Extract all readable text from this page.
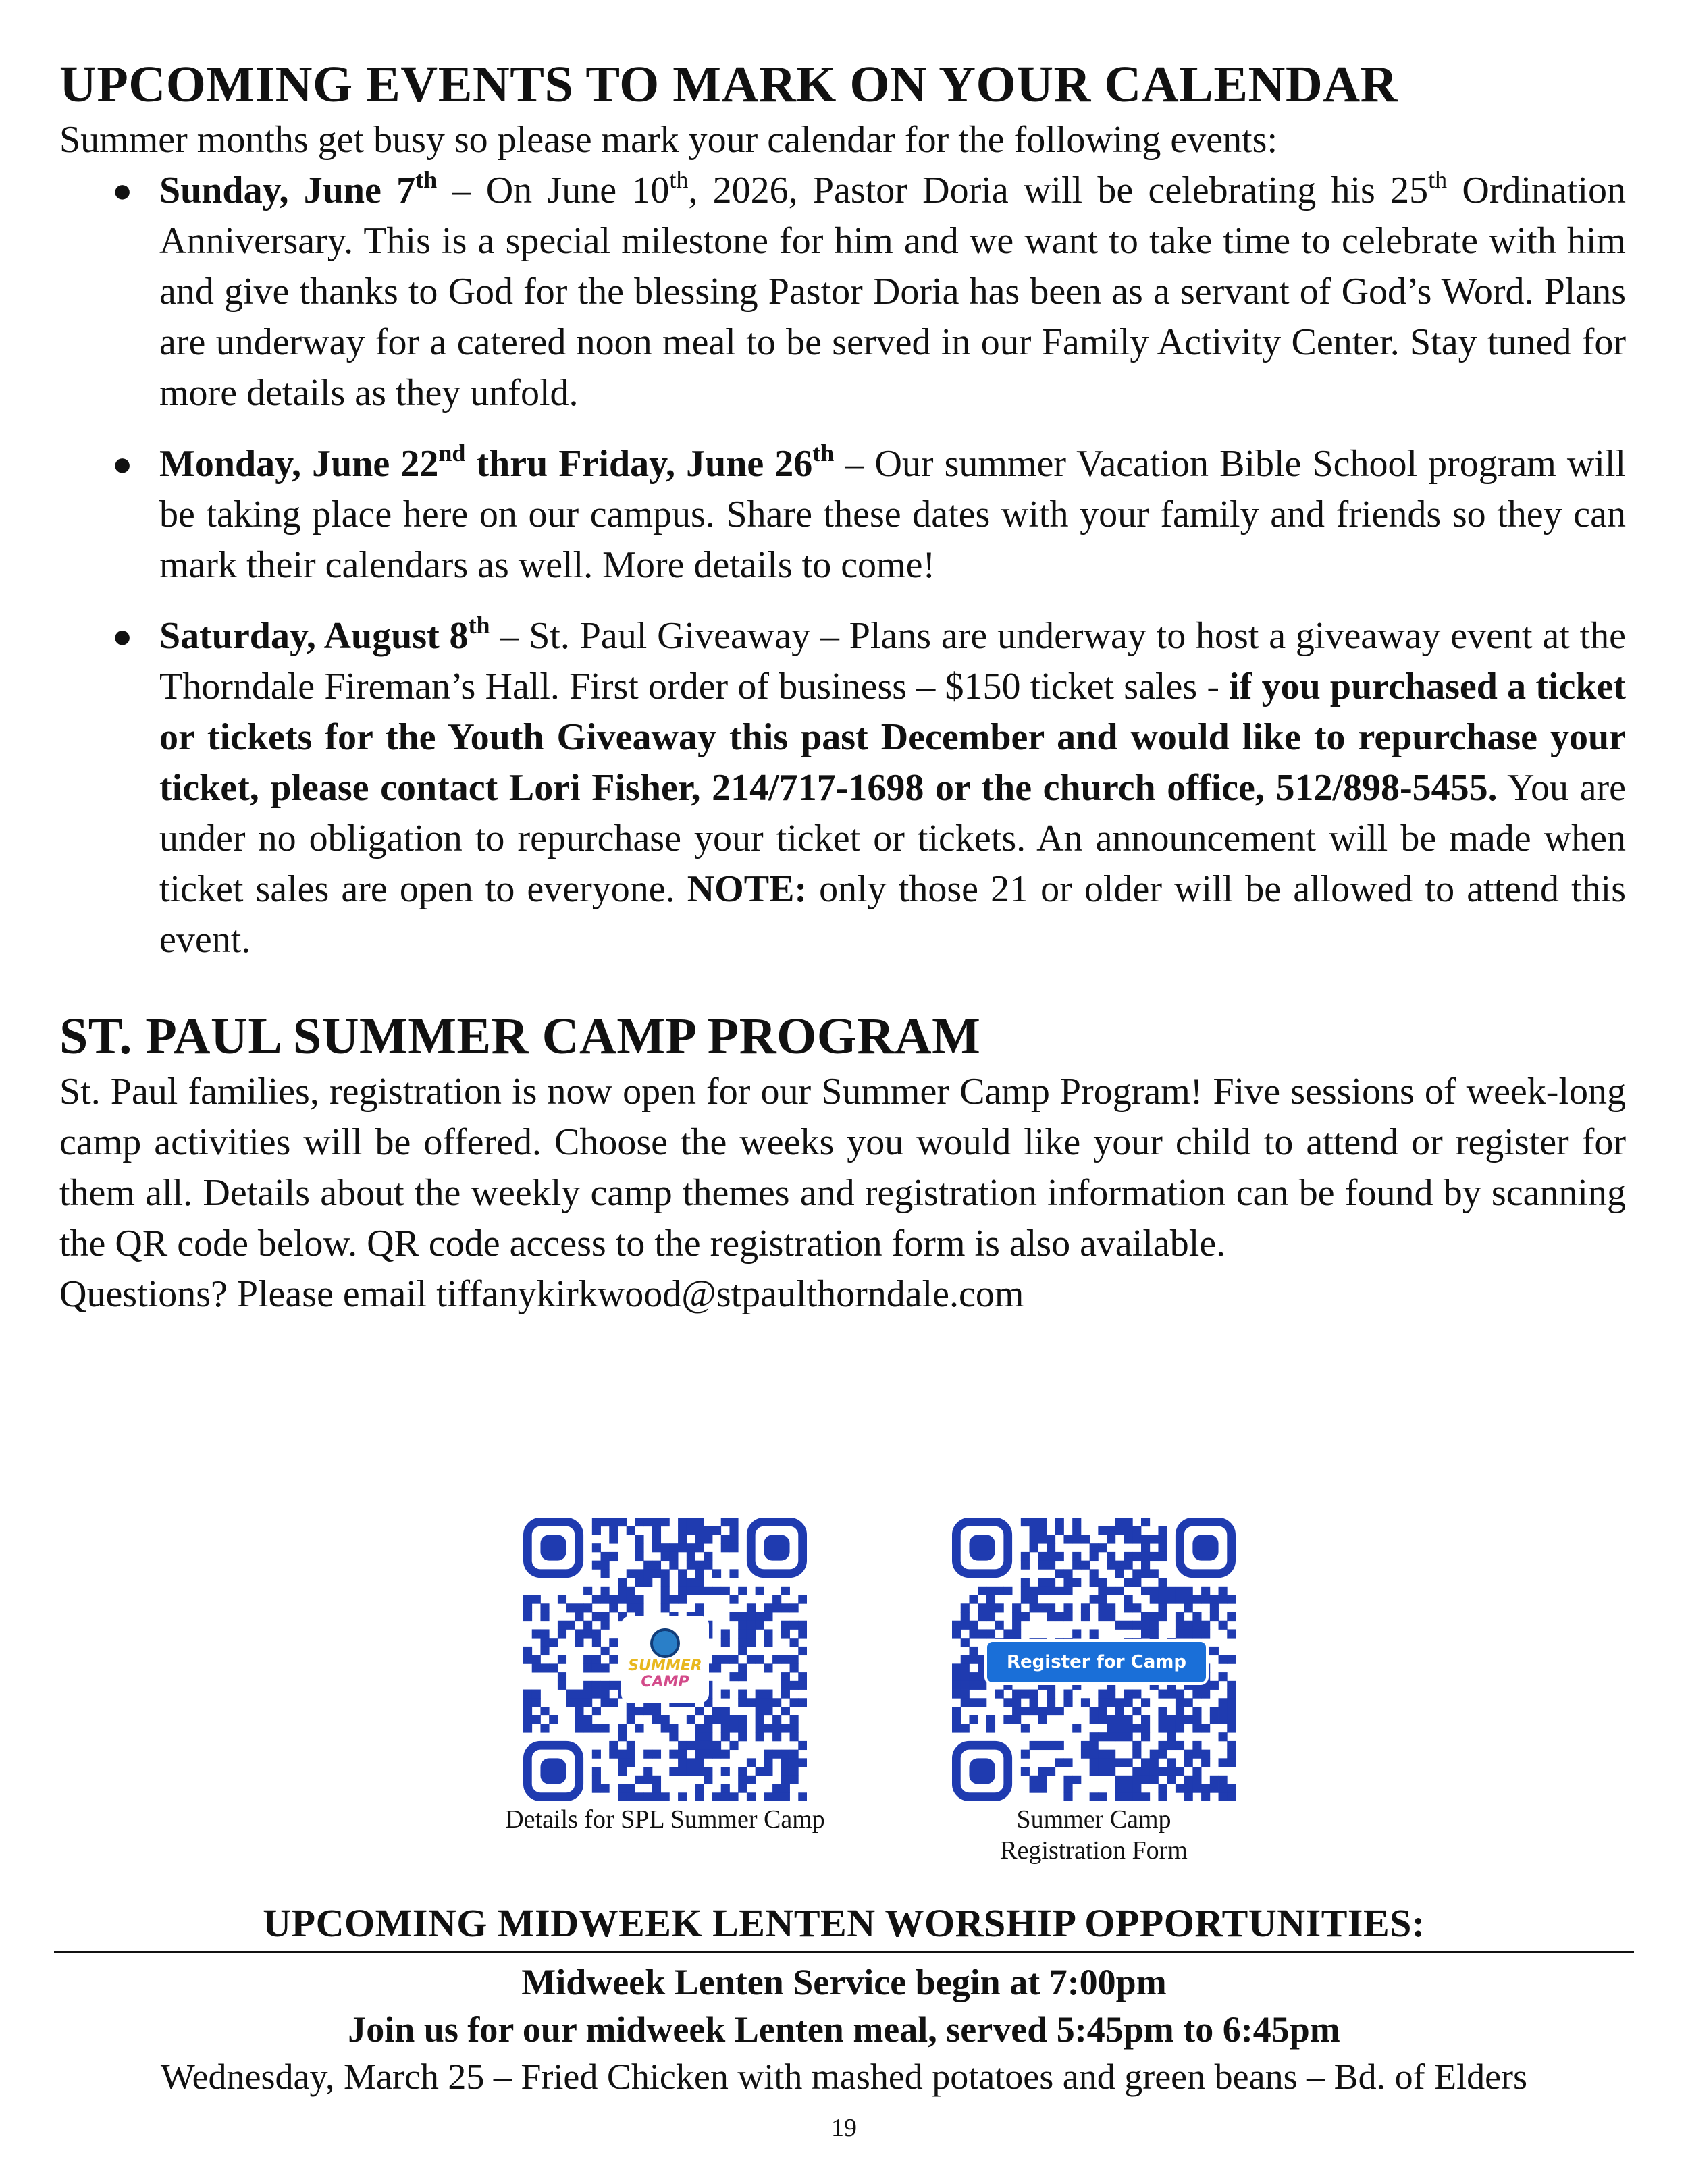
UPCOMING EVENTS TO MARK ON YOUR CALENDAR

Summer months get busy so please mark your calendar for the following events:

● Sunday, June 7th – On June 10th, 2026, Pastor Doria will be celebrating his 25th Ordination Anniversary. This is a special milestone for him and we want to take time to celebrate with him and give thanks to God for the blessing Pastor Doria has been as a servant of God’s Word. Plans are underway for a catered noon meal to be served in our Family Activity Center. Stay tuned for more details as they unfold.
● Monday, June 22nd thru Friday, June 26th – Our summer Vacation Bible School program will be taking place here on our campus. Share these dates with your family and friends so they can mark their calendars as well. More details to come!
● Saturday, August 8th – St. Paul Giveaway – Plans are underway to host a giveaway event at the Thorndale Fireman’s Hall. First order of business – $150 ticket sales - if you purchased a ticket or tickets for the Youth Giveaway this past December and would like to repurchase your ticket, please contact Lori Fisher, 214/717-1698 or the church office, 512/898-5455. You are under no obligation to repurchase your ticket or tickets. An announcement will be made when ticket sales are open to everyone. NOTE: only those 21 or older will be allowed to attend this event.
ST. PAUL SUMMER CAMP PROGRAM

St. Paul families, registration is now open for our Summer Camp Program! Five sessions of week-long camp activities will be offered. Choose the weeks you would like your child to attend or register for them all. Details about the weekly camp themes and registration information can be found by scanning the QR code below. QR code access to the registration form is also available.

Questions? Please email tiffanykirkwood@stpaulthorndale.com

SUMMER
CAMP
Details for SPL Summer Camp
Register for Camp
Summer Camp
Registration Form

UPCOMING MIDWEEK LENTEN WORSHIP OPPORTUNITIES:

Midweek Lenten Service begin at 7:00pm

Join us for our midweek Lenten meal, served 5:45pm to 6:45pm

Wednesday, March 25 – Fried Chicken with mashed potatoes and green beans – Bd. of Elders

19
